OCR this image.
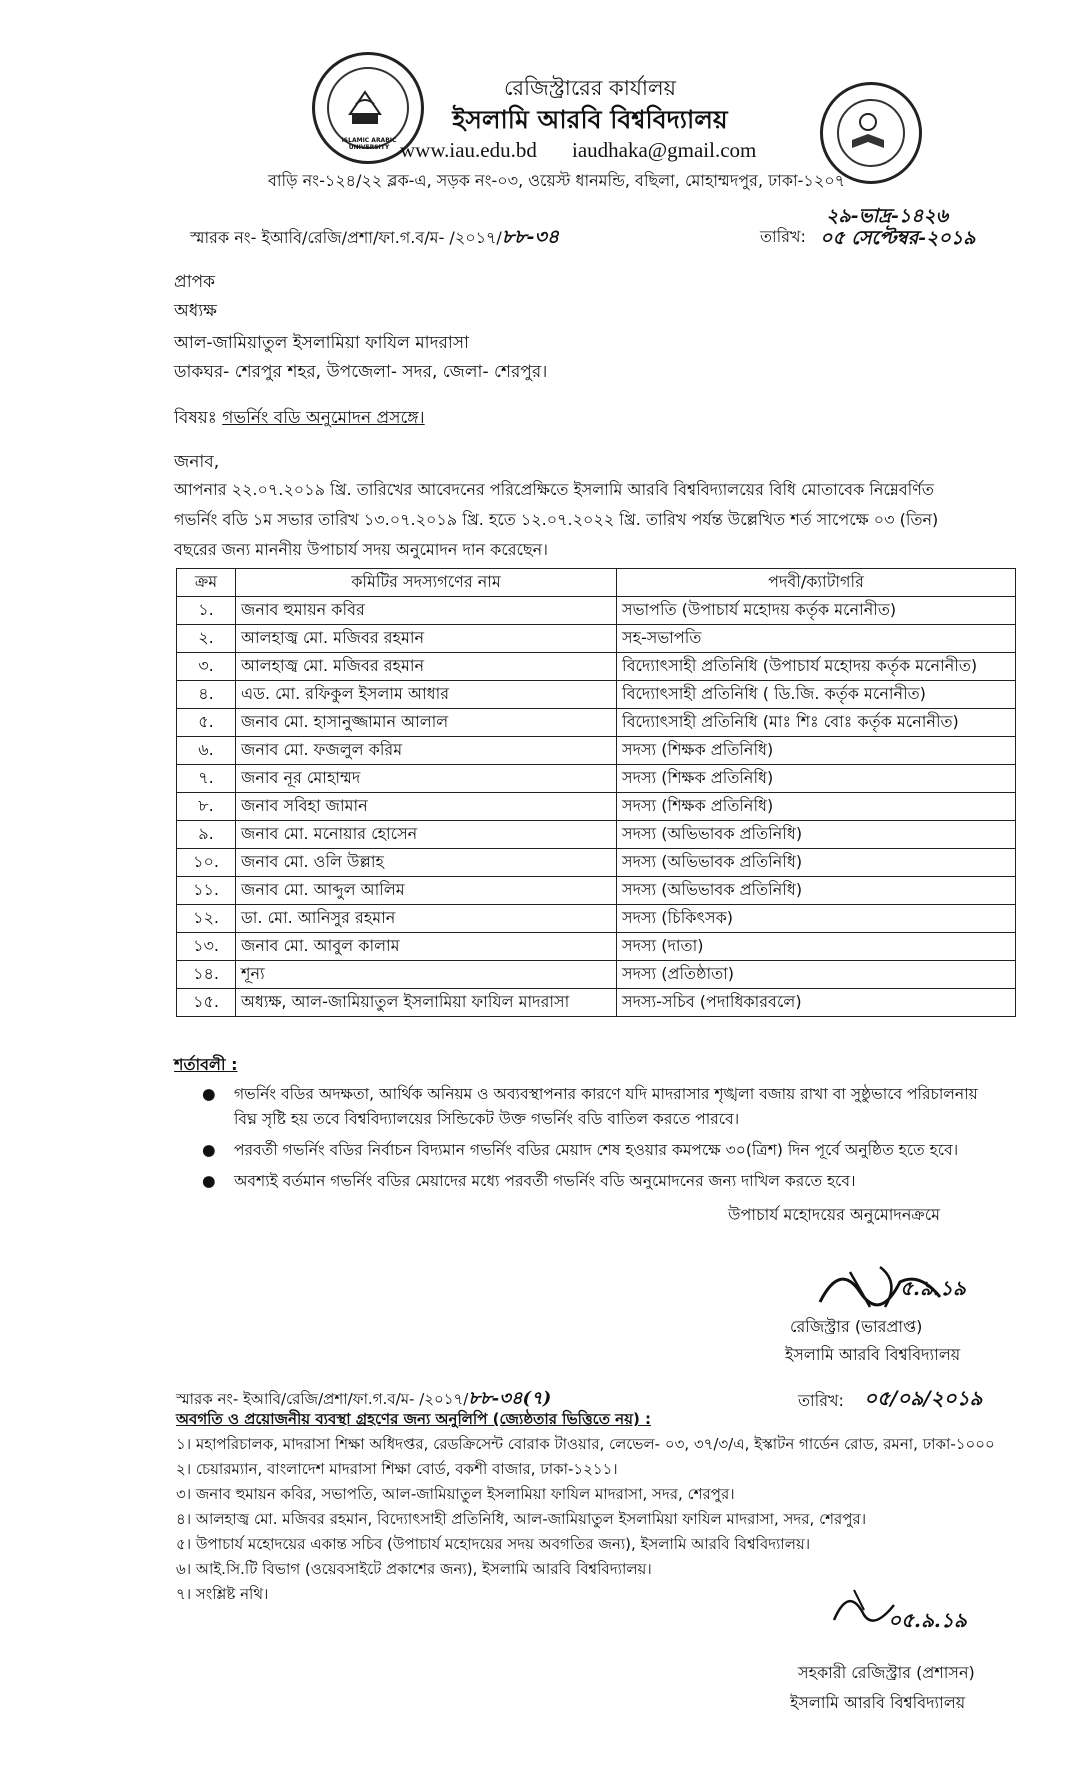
ISLAMIC ARABIC UNIVERSITY
রেজিস্ট্রারের কার্যালয়
ইসলামি আরবি বিশ্ববিদ্যালয়
www.iau.edu.bd iaudhaka@gmail.com
বাড়ি নং-১২৪/২২ ব্লক-এ, সড়ক নং-০৩, ওয়েস্ট ধানমন্ডি, বছিলা, মোহাম্মদপুর, ঢাকা-১২০৭
স্মারক নং- ইআবি/রেজি/প্রশা/ফা.গ.ব/ম- /২০১৭/৮৮-৩৪
২৯-ভাদ্র-১৪২৬
তারিখ: ০৫ সেপ্টেম্বর-২০১৯
প্রাপক
অধ্যক্ষ
আল-জামিয়াতুল ইসলামিয়া ফাযিল মাদরাসা
ডাকঘর- শেরপুর শহর, উপজেলা- সদর, জেলা- শেরপুর।
বিষয়ঃ গভর্নিং বডি অনুমোদন প্রসঙ্গে।
জনাব,
আপনার ২২.০৭.২০১৯ খ্রি. তারিখের আবেদনের পরিপ্রেক্ষিতে ইসলামি আরবি বিশ্ববিদ্যালয়ের বিধি মোতাবেক নিম্নেবর্ণিত
গভর্নিং বডি ১ম সভার তারিখ ১৩.০৭.২০১৯ খ্রি. হতে ১২.০৭.২০২২ খ্রি. তারিখ পর্যন্ত উল্লেখিত শর্ত সাপেক্ষে ০৩ (তিন)
বছরের জন্য মাননীয় উপাচার্য সদয় অনুমোদন দান করেছেন।
ক্রম	কমিটির সদস্যগণের নাম	পদবী/ক্যাটাগরি
১.	জনাব হুমায়ন কবির	সভাপতি (উপাচার্য মহোদয় কর্তৃক মনোনীত)
২.	আলহাজ্ব মো. মজিবর রহমান	সহ-সভাপতি
৩.	আলহাজ্ব মো. মজিবর রহমান	বিদ্যোৎসাহী প্রতিনিধি (উপাচার্য মহোদয় কর্তৃক মনোনীত)
৪.	এড. মো. রফিকুল ইসলাম আধার	বিদ্যোৎসাহী প্রতিনিধি ( ডি.জি. কর্তৃক মনোনীত)
৫.	জনাব মো. হাসানুজ্জামান আলাল	বিদ্যোৎসাহী প্রতিনিধি (মাঃ শিঃ বোঃ কর্তৃক মনোনীত)
৬.	জনাব মো. ফজলুল করিম	সদস্য (শিক্ষক প্রতিনিধি)
৭.	জনাব নূর মোহাম্মদ	সদস্য (শিক্ষক প্রতিনিধি)
৮.	জনাব সবিহা জামান	সদস্য (শিক্ষক প্রতিনিধি)
৯.	জনাব মো. মনোয়ার হোসেন	সদস্য (অভিভাবক প্রতিনিধি)
১০.	জনাব মো. ওলি উল্লাহ	সদস্য (অভিভাবক প্রতিনিধি)
১১.	জনাব মো. আব্দুল আলিম	সদস্য (অভিভাবক প্রতিনিধি)
১২.	ডা. মো. আনিসুর রহমান	সদস্য (চিকিৎসক)
১৩.	জনাব মো. আবুল কালাম	সদস্য (দাতা)
১৪.	শূন্য	সদস্য (প্রতিষ্ঠাতা)
১৫.	অধ্যক্ষ, আল-জামিয়াতুল ইসলামিয়া ফাযিল মাদরাসা	সদস্য-সচিব (পদাধিকারবলে)
শর্তাবলী :
● গভর্নিং বডির অদক্ষতা, আর্থিক অনিয়ম ও অব্যবস্থাপনার কারণে যদি মাদরাসার শৃঙ্খলা বজায় রাখা বা সুষ্ঠুভাবে পরিচালনায় বিঘ্ন সৃষ্টি হয় তবে বিশ্ববিদ্যালয়ের সিন্ডিকেট উক্ত গভর্নিং বডি বাতিল করতে পারবে।
● পরবর্তী গভর্নিং বডির নির্বাচন বিদ্যমান গভর্নিং বডির মেয়াদ শেষ হওয়ার কমপক্ষে ৩০(ত্রিশ) দিন পূর্বে অনুষ্ঠিত হতে হবে।
● অবশ্যই বর্তমান গভর্নিং বডির মেয়াদের মধ্যে পরবর্তী গভর্নিং বডি অনুমোদনের জন্য দাখিল করতে হবে।
উপাচার্য মহোদয়ের অনুমোদনক্রমে
৫.৯.১৯
রেজিস্ট্রার (ভারপ্রাপ্ত)
ইসলামি আরবি বিশ্ববিদ্যালয়
স্মারক নং- ইআবি/রেজি/প্রশা/ফা.গ.ব/ম- /২০১৭/৮৮-৩৪(৭)	তারিখ: ০৫/০৯/২০১৯
অবগতি ও প্রয়োজনীয় ব্যবস্থা গ্রহণের জন্য অনুলিপি (জ্যেষ্ঠতার ভিত্তিতে নয়) :
১। মহাপরিচালক, মাদরাসা শিক্ষা অধিদপ্তর, রেডক্রিসেন্ট বোরাক টাওয়ার, লেভেল- ০৩, ৩৭/৩/এ, ইস্কাটন গার্ডেন রোড, রমনা, ঢাকা-১০০০
২। চেয়ারম্যান, বাংলাদেশ মাদরাসা শিক্ষা বোর্ড, বকশী বাজার, ঢাকা-১২১১।
৩। জনাব হুমায়ন কবির, সভাপতি, আল-জামিয়াতুল ইসলামিয়া ফাযিল মাদরাসা, সদর, শেরপুর।
৪। আলহাজ্ব মো. মজিবর রহমান, বিদ্যোৎসাহী প্রতিনিধি, আল-জামিয়াতুল ইসলামিয়া ফাযিল মাদরাসা, সদর, শেরপুর।
৫। উপাচার্য মহোদয়ের একান্ত সচিব (উপাচার্য মহোদয়ের সদয় অবগতির জন্য), ইসলামি আরবি বিশ্ববিদ্যালয়।
৬। আই.সি.টি বিভাগ (ওয়েবসাইটে প্রকাশের জন্য), ইসলামি আরবি বিশ্ববিদ্যালয়।
৭। সংশ্লিষ্ট নথি।
০৫.৯.১৯
সহকারী রেজিস্ট্রার (প্রশাসন)
ইসলামি আরবি বিশ্ববিদ্যালয়
